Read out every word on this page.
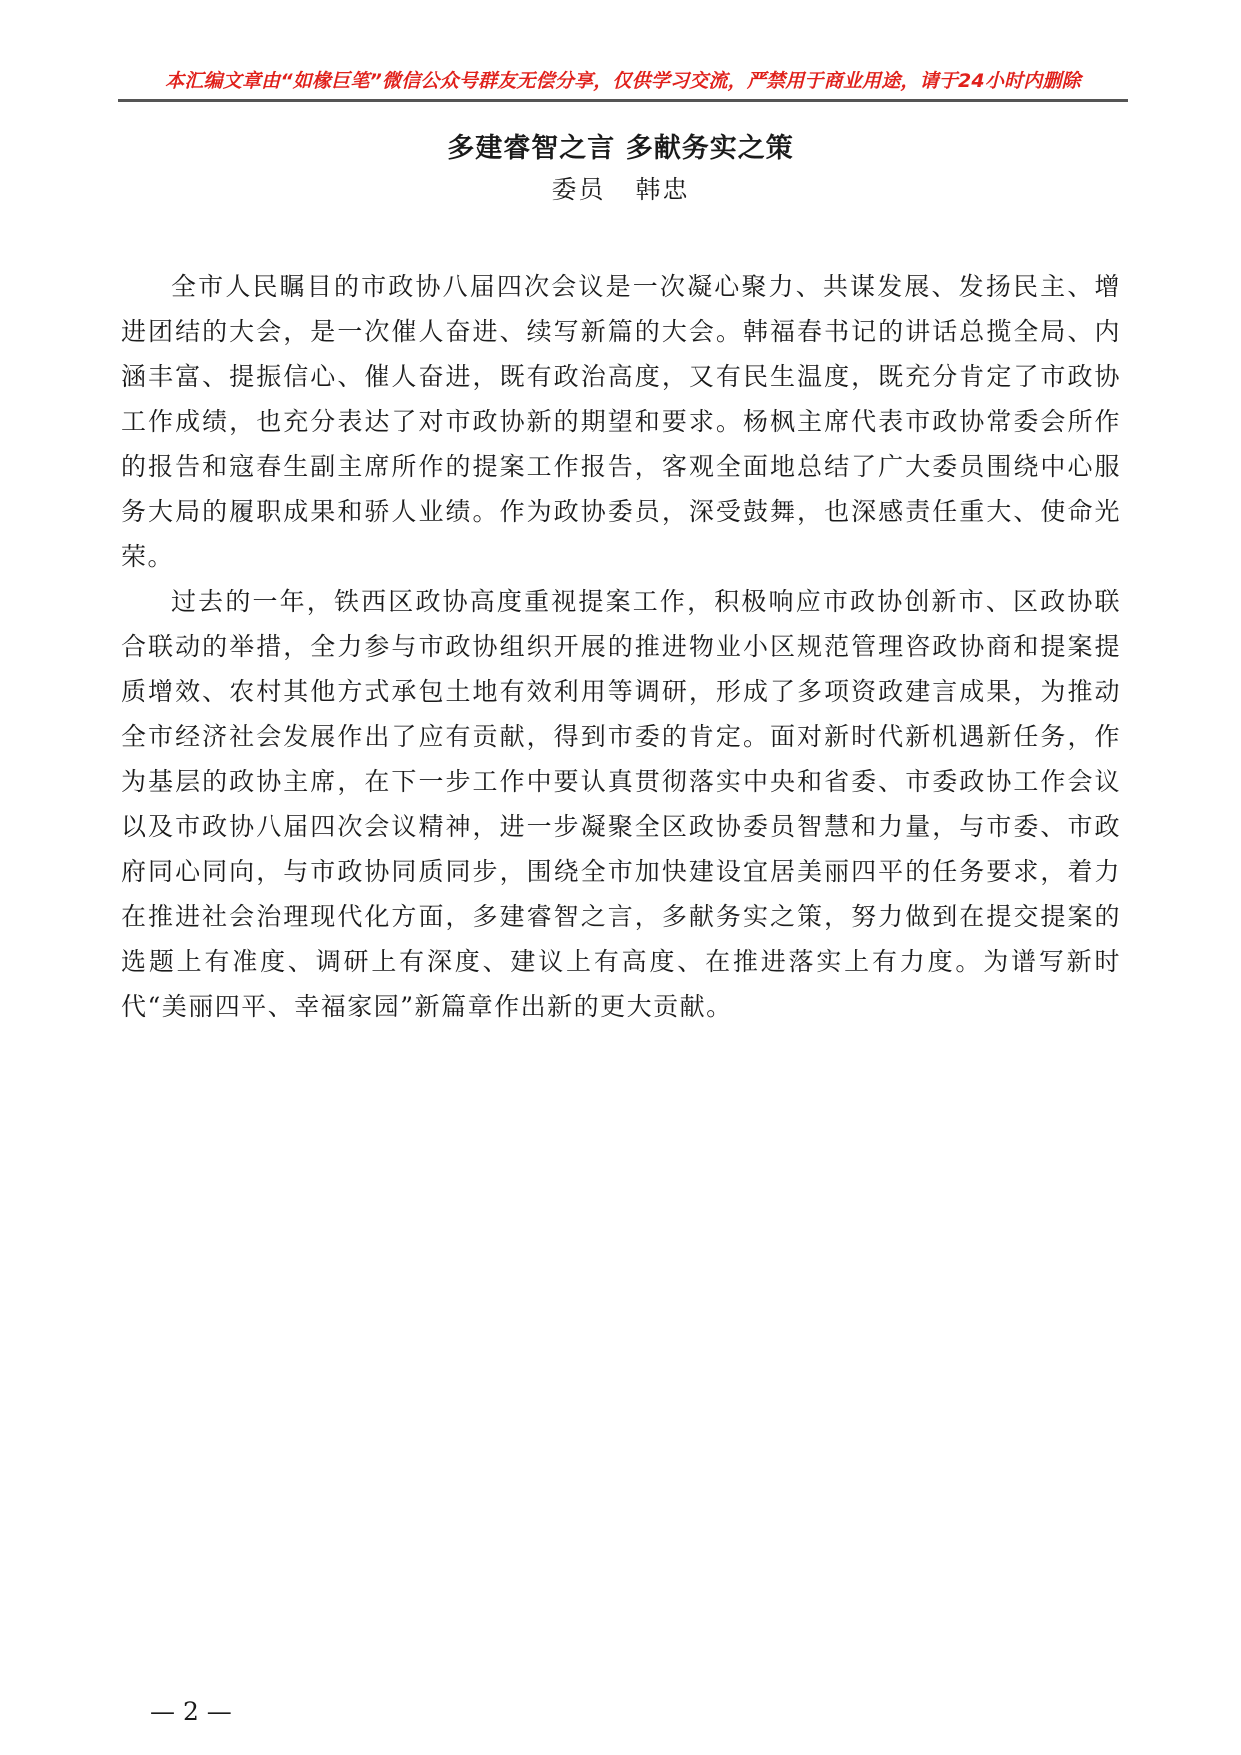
本汇编文章由“如椽巨笔”微信公众号群友无偿分享，仅供学习交流，严禁用于商业用途，请于24小时内删除
多建睿智之言 多献务实之策
委员 韩忠

全市人民瞩目的市政协八届四次会议是一次凝心聚力、共谋发展、发扬民主、增进团结的大会，是一次催人奋进、续写新篇的大会。韩福春书记的讲话总揽全局、内涵丰富、提振信心、催人奋进，既有政治高度，又有民生温度，既充分肯定了市政协工作成绩，也充分表达了对市政协新的期望和要求。杨枫主席代表市政协常委会所作的报告和寇春生副主席所作的提案工作报告，客观全面地总结了广大委员围绕中心服务大局的履职成果和骄人业绩。作为政协委员，深受鼓舞，也深感责任重大、使命光荣。

过去的一年，铁西区政协高度重视提案工作，积极响应市政协创新市、区政协联合联动的举措，全力参与市政协组织开展的推进物业小区规范管理咨政协商和提案提质增效、农村其他方式承包土地有效利用等调研，形成了多项资政建言成果，为推动全市经济社会发展作出了应有贡献，得到市委的肯定。面对新时代新机遇新任务，作为基层的政协主席，在下一步工作中要认真贯彻落实中央和省委、市委政协工作会议以及市政协八届四次会议精神，进一步凝聚全区政协委员智慧和力量，与市委、市政府同心同向，与市政协同质同步，围绕全市加快建设宜居美丽四平的任务要求，着力在推进社会治理现代化方面，多建睿智之言，多献务实之策，努力做到在提交提案的选题上有准度、调研上有深度、建议上有高度、在推进落实上有力度。为谱写新时代“美丽四平、幸福家园”新篇章作出新的更大贡献。

— 2 —
